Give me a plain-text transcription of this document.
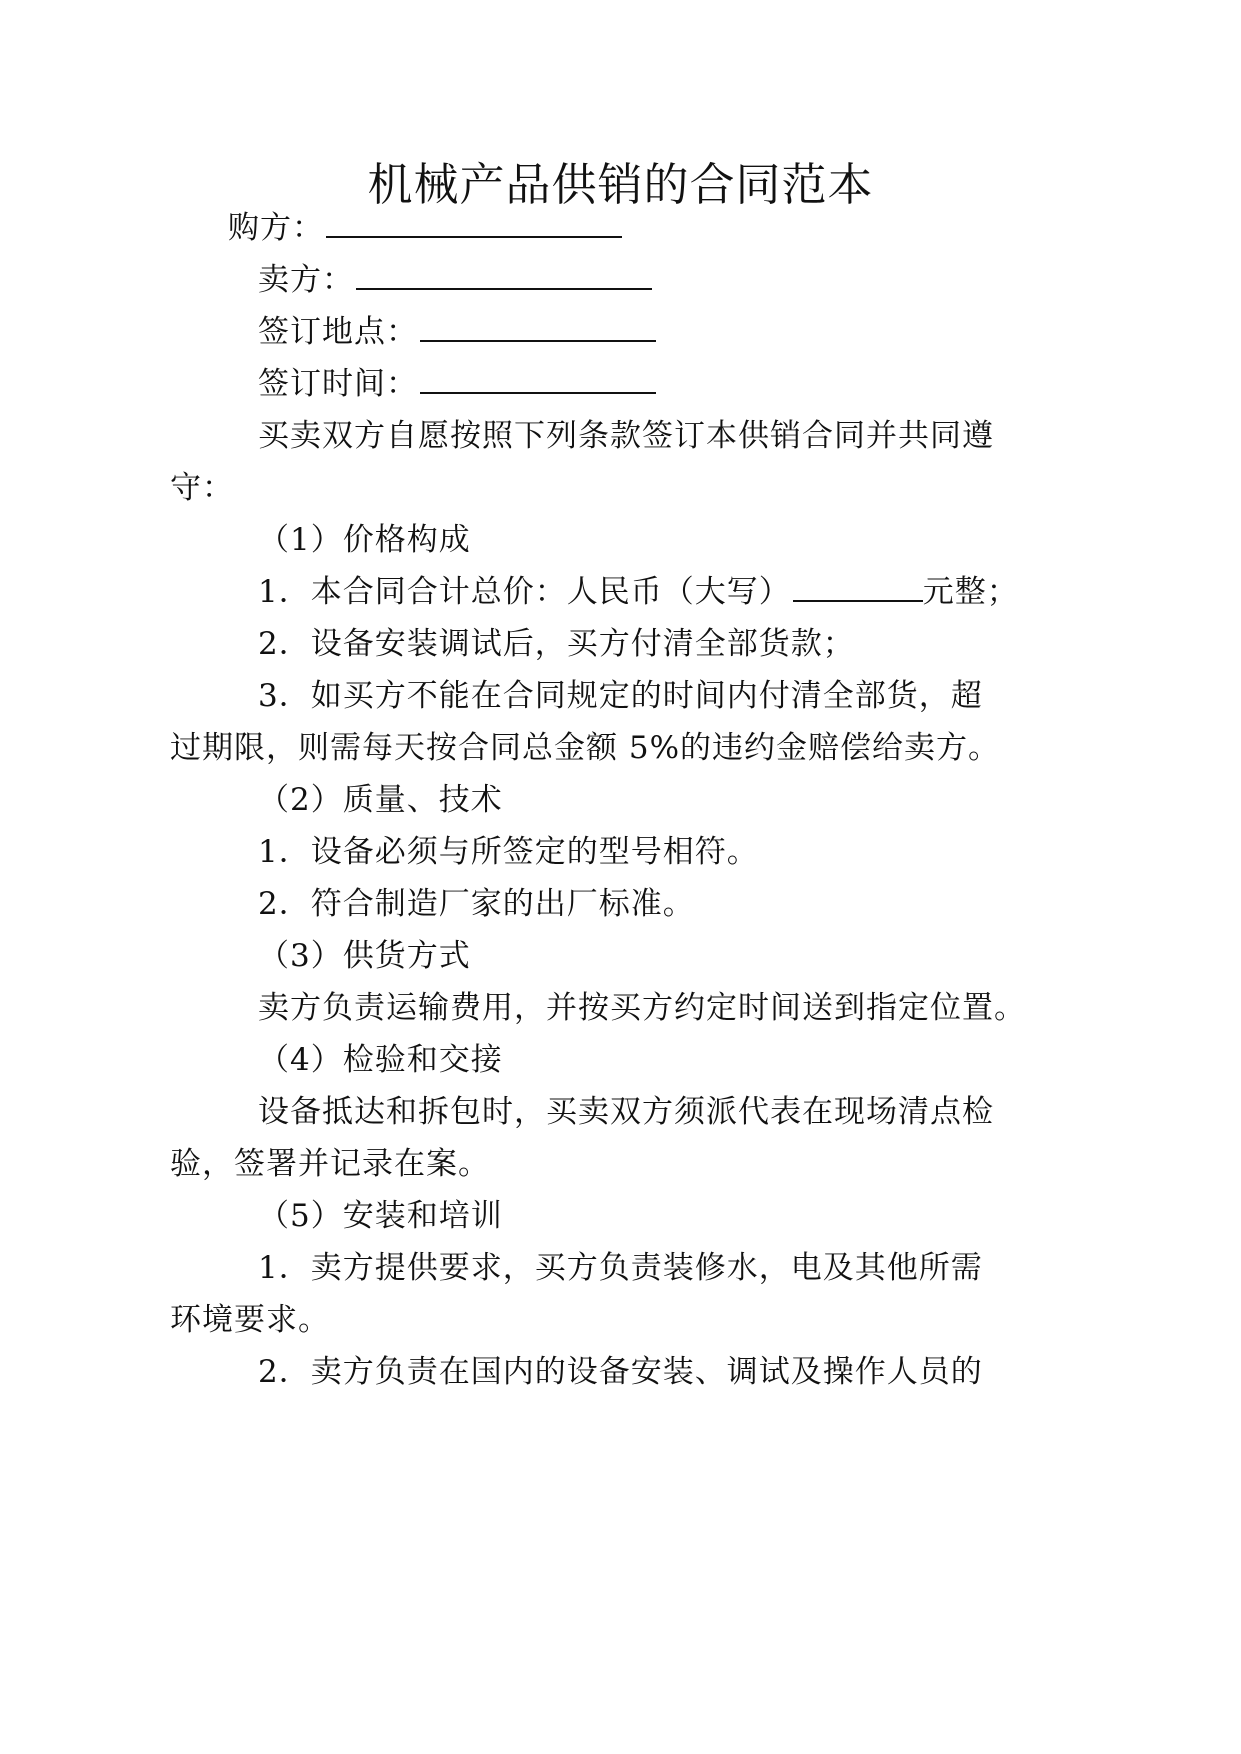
机械产品供销的合同范本
购方：
卖方：
签订地点：
签订时间：
买卖双方自愿按照下列条款签订本供销合同并共同遵
守：
（1）价格构成
1．本合同合计总价：人民币（大写）	元整；
2．设备安装调试后，买方付清全部货款；
3．如买方不能在合同规定的时间内付清全部货，超
过期限，则需每天按合同总金额 5%的违约金赔偿给卖方。
（2）质量、技术
1．设备必须与所签定的型号相符。
2．符合制造厂家的出厂标准。
（3）供货方式
卖方负责运输费用，并按买方约定时间送到指定位置。
（4）检验和交接
设备抵达和拆包时，买卖双方须派代表在现场清点检
验，签署并记录在案。
（5）安装和培训
1．卖方提供要求，买方负责装修水，电及其他所需
环境要求。
2．卖方负责在国内的设备安装、调试及操作人员的
